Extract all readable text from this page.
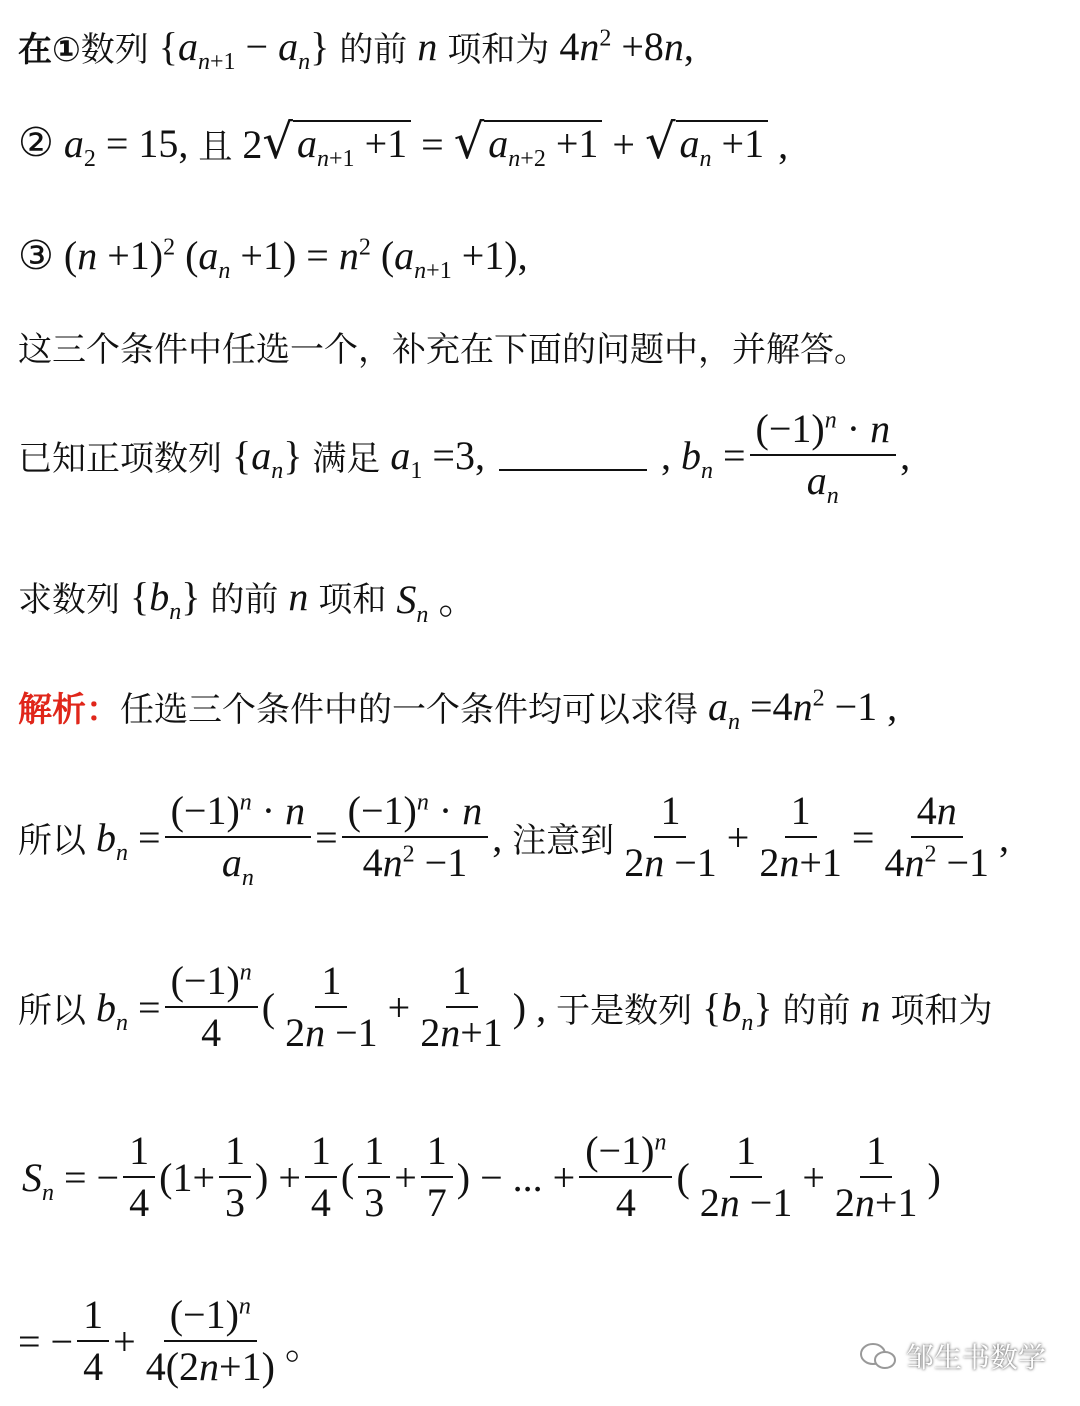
在① 数列 $\{a_{n+1} - a_n\}$ 的前 n 项和为 $4n^2 +8n$,
② $a_2 = 15$, 且 2 √ $a_{n+1} +1$ = √ $a_{n+2} +1$ + √ $a_n +1$ ,
③ $(n +1)^2$ $(a_n +1) = n^2$ $(a_{n+1} +1)$,
这三个条件中任选一个，补充在下面的问题中，并解答。
已知正项数列 $\{a_n\}$ 满足 $a_1 =3$,	, $b_n = \frac{(-1)^n \cdot n}{a_n}$ ,
求数列 $\{b_n\}$ 的前 n 项和 $S_n$ 。
解析： 任选三个条件中的一个条件均可以求得 $a_n =4n^2 -1$ ,
所以 $b_n = \frac{(-1)^n \cdot n}{a_n} = \frac{(-1)^n \cdot n}{4n^2 -1}$ , 注意到 $\frac{1}{2n -1} + \frac{1}{2n+1} = \frac{4n}{4n^2 -1}$ ,
所以 $b_n = \frac{(-1)^n}{4}$ ( $\frac{1}{2n -1} + \frac{1}{2n+1}$ ) , 于是数列 $\{b_n\}$ 的前 n 项和为
$S_n$ = − $\frac{1}{4} (1+ \frac{1}{3}$ ) + $\frac{1}{4}$ ( $\frac{1}{3} + \frac{1}{7}$ ) − ... + $\frac{(-1)^n}{4}$ ( $\frac{1}{2n -1} + \frac{1}{2n+1}$ )
= − $\frac{1}{4} + \frac{(-1)^n}{4(2n+1)}$ 。	邹生书数学
